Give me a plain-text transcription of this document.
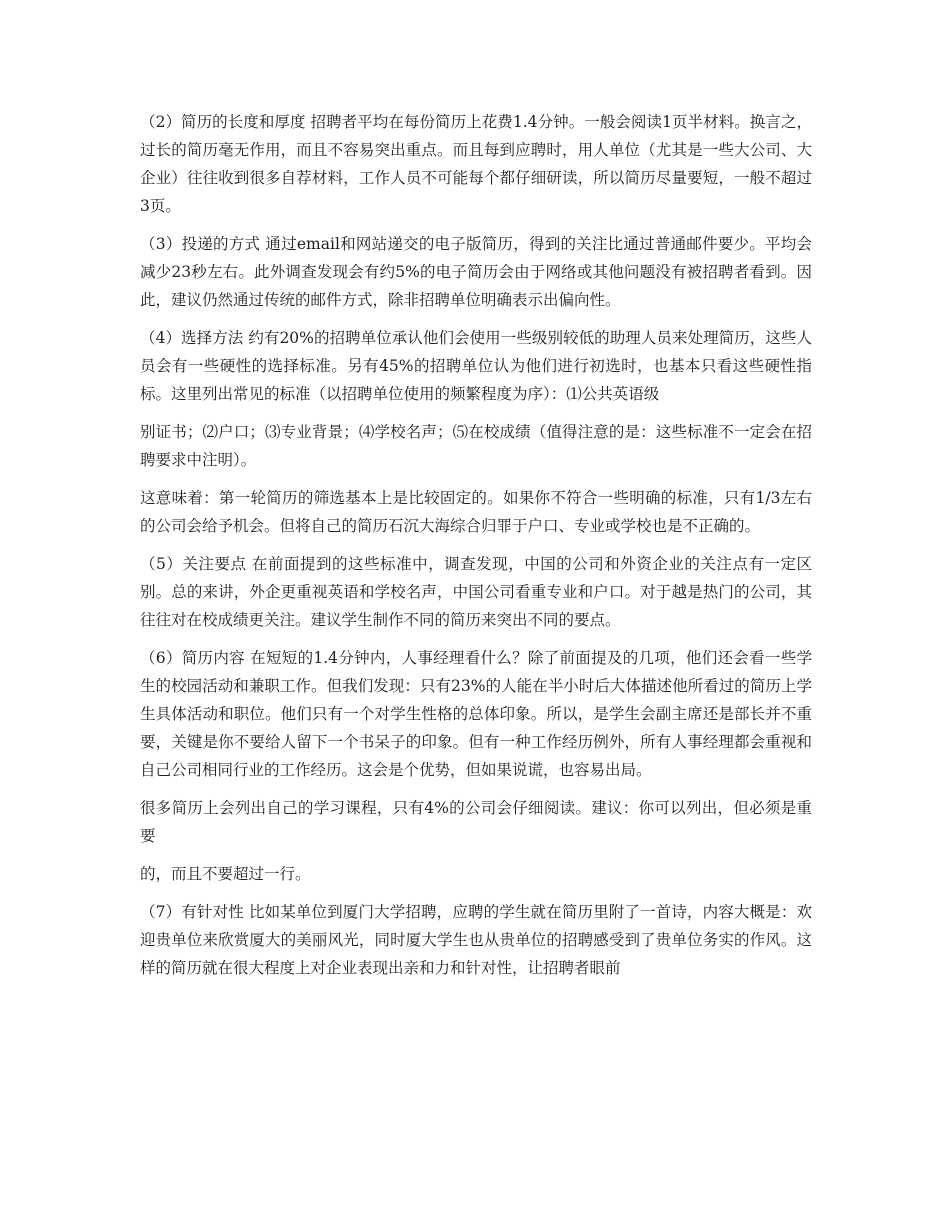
（2）简历的长度和厚度 招聘者平均在每份简历上花费1.4分钟。一般会阅读1页半材料。换言之，过长的简历毫无作用，而且不容易突出重点。而且每到应聘时，用人单位（尤其是一些大公司、大企业）往往收到很多自荐材料，工作人员不可能每个都仔细研读，所以简历尽量要短，一般不超过3页。

（3）投递的方式 通过email和网站递交的电子版简历，得到的关注比通过普通邮件要少。平均会减少23秒左右。此外调查发现会有约5%的电子简历会由于网络或其他问题没有被招聘者看到。因此，建议仍然通过传统的邮件方式，除非招聘单位明确表示出偏向性。

（4）选择方法 约有20%的招聘单位承认他们会使用一些级别较低的助理人员来处理简历，这些人员会有一些硬性的选择标准。另有45%的招聘单位认为他们进行初选时，也基本只看这些硬性指标。这里列出常见的标准（以招聘单位使用的频繁程度为序）：⑴公共英语级

别证书；⑵户口；⑶专业背景；⑷学校名声；⑸在校成绩（值得注意的是：这些标准不一定会在招聘要求中注明）。

这意味着：第一轮简历的筛选基本上是比较固定的。如果你不符合一些明确的标准，只有1/3左右的公司会给予机会。但将自己的简历石沉大海综合归罪于户口、专业或学校也是不正确的。

（5）关注要点 在前面提到的这些标准中，调查发现，中国的公司和外资企业的关注点有一定区别。总的来讲，外企更重视英语和学校名声，中国公司看重专业和户口。对于越是热门的公司，其往往对在校成绩更关注。建议学生制作不同的简历来突出不同的要点。

（6）简历内容 在短短的1.4分钟内，人事经理看什么？除了前面提及的几项，他们还会看一些学生的校园活动和兼职工作。但我们发现：只有23%的人能在半小时后大体描述他所看过的简历上学生具体活动和职位。他们只有一个对学生性格的总体印象。所以，是学生会副主席还是部长并不重要，关键是你不要给人留下一个书呆子的印象。但有一种工作经历例外，所有人事经理都会重视和自己公司相同行业的工作经历。这会是个优势，但如果说谎，也容易出局。

很多简历上会列出自己的学习课程，只有4%的公司会仔细阅读。建议：你可以列出，但必须是重要

的，而且不要超过一行。

（7）有针对性 比如某单位到厦门大学招聘，应聘的学生就在简历里附了一首诗，内容大概是：欢迎贵单位来欣赏厦大的美丽风光，同时厦大学生也从贵单位的招聘感受到了贵单位务实的作风。这样的简历就在很大程度上对企业表现出亲和力和针对性，让招聘者眼前
